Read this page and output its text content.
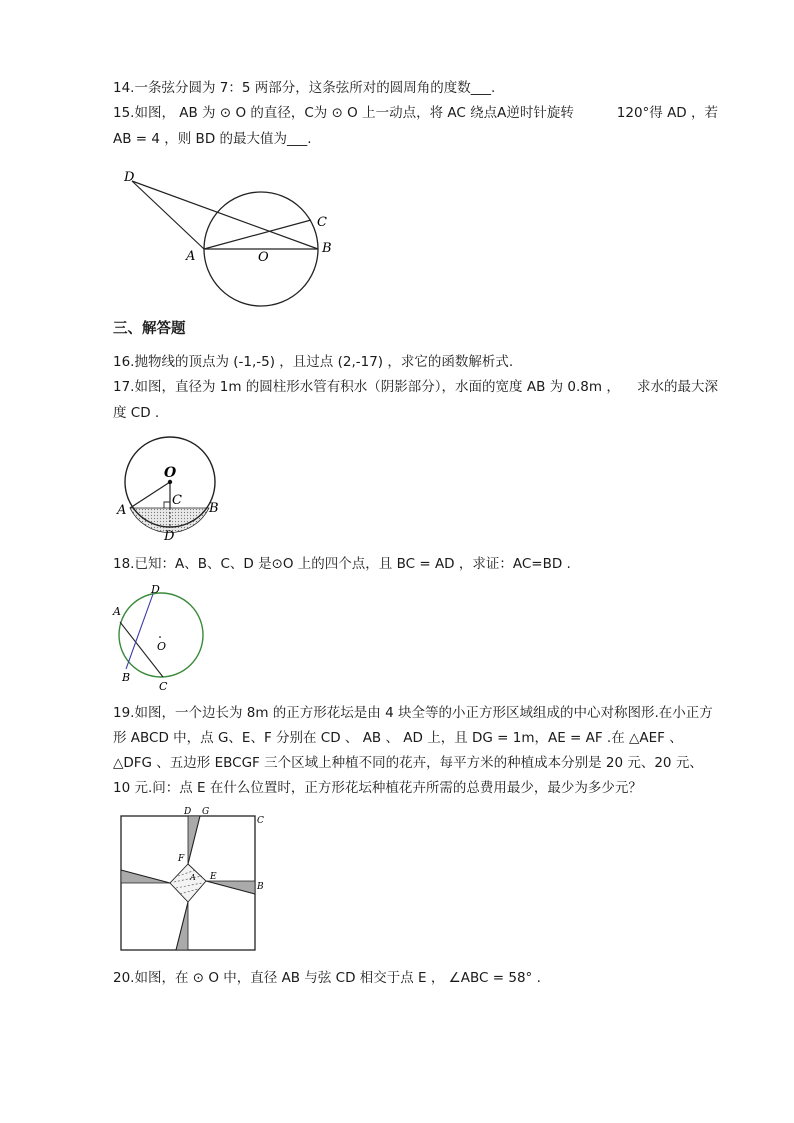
14.一条弦分圆为 7：5 两部分，这条弦所对的圆周角的度数___.
15.如图， AB 为 ⊙ O 的直径，C为 ⊙ O 上一动点，将 AC 绕点A逆时针旋转	120°得 AD ，若
AB = 4 ，则 BD 的最大值为___.
D
C
A	O
B
三、解答题
16.抛物线的顶点为 (-1,-5) ，且过点 (2,-17) ，求它的函数解析式.
17.如图，直径为 1m 的圆柱形水管有积水（阴影部分），水面的宽度 AB 为 0.8m ， 求水的最大深
度 CD .
O
C
A	B
D
18.已知：A、B、C、D 是⊙O 上的四个点，且 BC = AD ，求证：AC=BD .
A
D
O
B
C
19.如图，一个边长为 8m 的正方形花坛是由 4 块全等的小正方形区域组成的中心对称图形.在小正方
形 ABCD 中，点 G、E、F 分别在 CD 、 AB 、 AD 上，且 DG = 1m，AE = AF .在 △AEF 、
△DFG 、五边形 EBCGF 三个区域上种植不同的花卉，每平方米的种植成本分别是 20 元、20 元、
10 元.问：点 E 在什么位置时，正方形花坛种植花卉所需的总费用最少，最少为多少元？
D G
C
F
A E
B
20.如图，在 ⊙ O 中，直径 AB 与弦 CD 相交于点 E ， ∠ABC = 58° .
